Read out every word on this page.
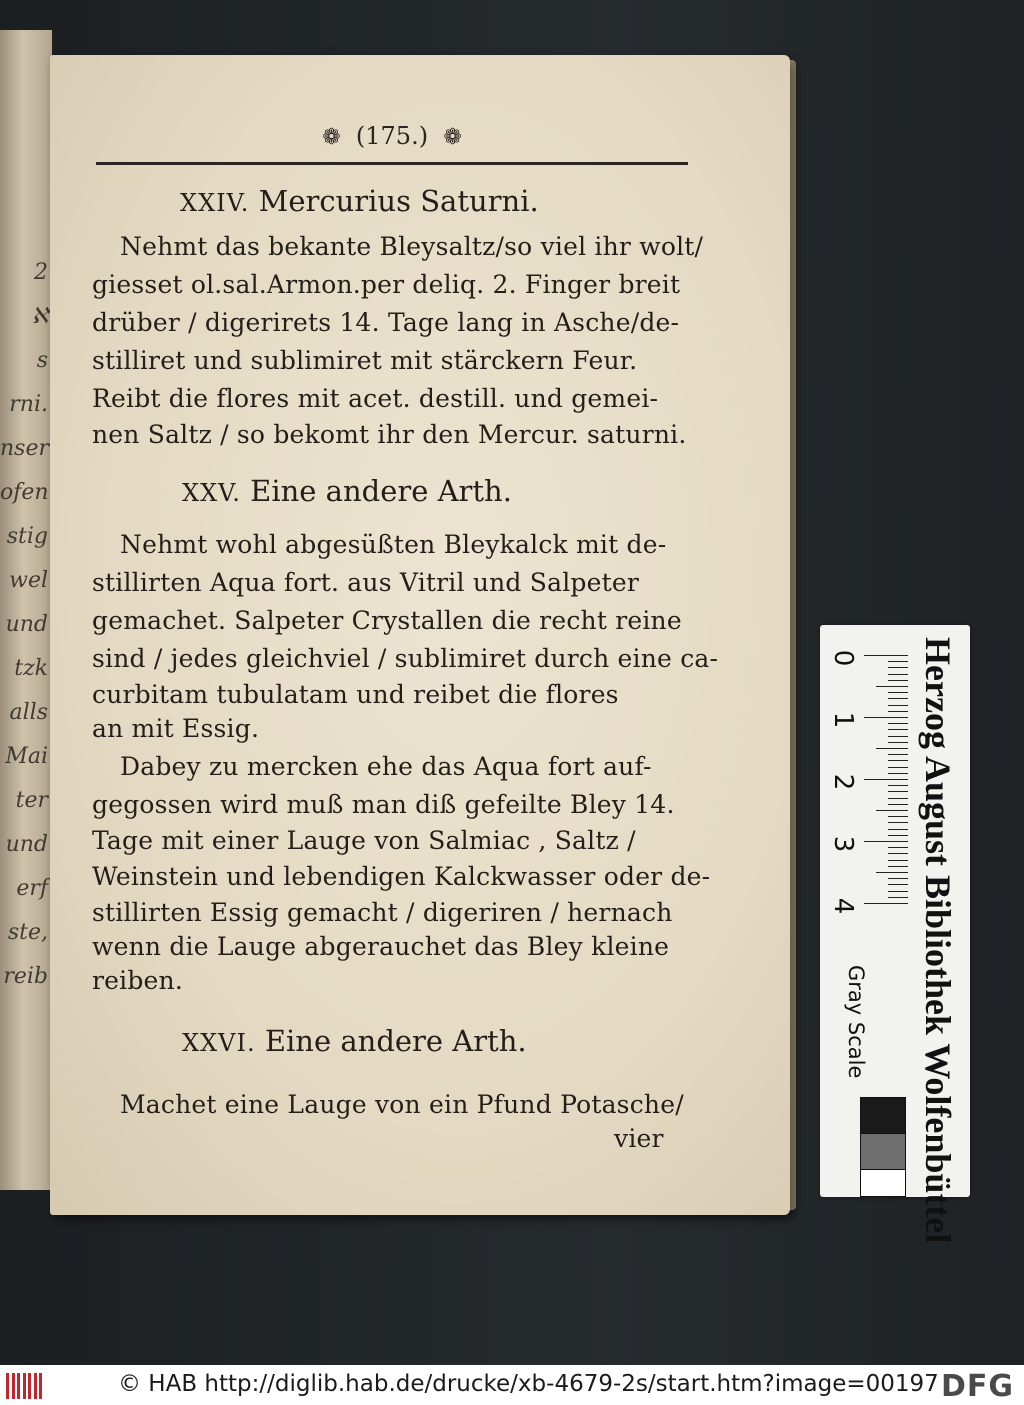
2
ℵ
s
rni.
nser
ofen
stig
wel
und
tzk
alls
Mai
ter
und
erf
ste,
reib
❁ (175.) ❁
XXIV. Mercurius Saturni.
Nehmt das bekante Bleysaltz/so viel ihr wolt/
giesset ol.sal.Armon.per deliq. 2. Finger breit
drüber / digerirets 14. Tage lang in Asche/de-
stilliret und sublimiret mit stärckern Feur.
Reibt die flores mit acet. destill. und gemei-
nen Saltz / so bekomt ihr den Mercur. saturni.
XXV. Eine andere Arth.
Nehmt wohl abgesüßten Bleykalck mit de-
stillirten Aqua fort. aus Vitril und Salpeter
gemachet. Salpeter Crystallen die recht reine
sind / jedes gleichviel / sublimiret durch eine ca-
curbitam tubulatam und reibet die flores
an mit Essig.
Dabey zu mercken ehe das Aqua fort auf-
gegossen wird muß man diß gefeilte Bley 14.
Tage mit einer Lauge von Salmiac , Saltz /
Weinstein und lebendigen Kalckwasser oder de-
stillirten Essig gemacht / digeriren / hernach
wenn die Lauge abgerauchet das Bley kleine
reiben.
XXVI. Eine andere Arth.
Machet eine Lauge von ein Pfund Potasche/
vier	Herzog August Bibliothek Wolfenbüttel
0
1
2
3
4
Gray Scale
© HAB http://diglib.hab.de/drucke/xb-4679-2s/start.htm?image=00197 DFG
